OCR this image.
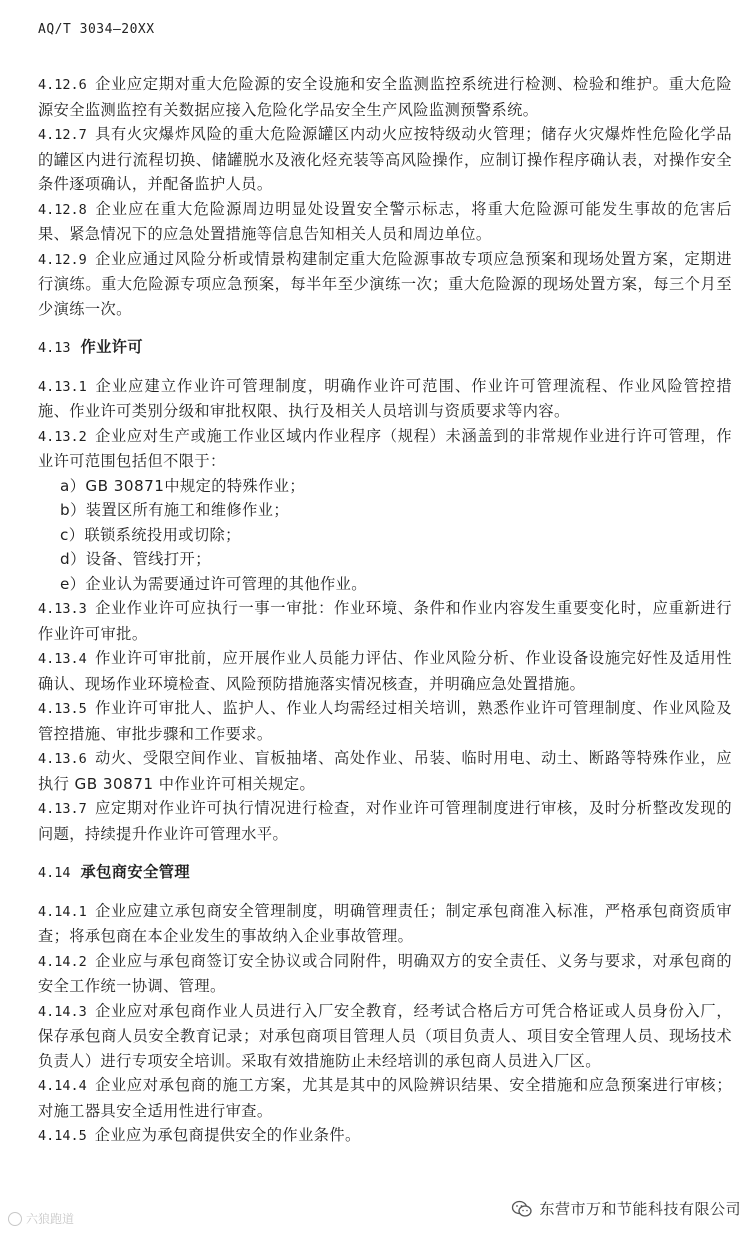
AQ/T 3034—20XX

4.12.6 企业应定期对重大危险源的安全设施和安全监测监控系统进行检测、检验和维护。重大危险源安全监测监控有关数据应接入危险化学品安全生产风险监测预警系统。

4.12.7 具有火灾爆炸风险的重大危险源罐区内动火应按特级动火管理；储存火灾爆炸性危险化学品的罐区内进行流程切换、储罐脱水及液化烃充装等高风险操作，应制订操作程序确认表，对操作安全条件逐项确认，并配备监护人员。

4.12.8 企业应在重大危险源周边明显处设置安全警示标志，将重大危险源可能发生事故的危害后果、紧急情况下的应急处置措施等信息告知相关人员和周边单位。

4.12.9 企业应通过风险分析或情景构建制定重大危险源事故专项应急预案和现场处置方案，定期进行演练。重大危险源专项应急预案，每半年至少演练一次；重大危险源的现场处置方案，每三个月至少演练一次。

4.13 作业许可

4.13.1 企业应建立作业许可管理制度，明确作业许可范围、作业许可管理流程、作业风险管控措施、作业许可类别分级和审批权限、执行及相关人员培训与资质要求等内容。

4.13.2 企业应对生产或施工作业区域内作业程序（规程）未涵盖到的非常规作业进行许可管理，作业许可范围包括但不限于：

a）GB 30871中规定的特殊作业；

b）装置区所有施工和维修作业；

c）联锁系统投用或切除；

d）设备、管线打开；

e）企业认为需要通过许可管理的其他作业。

4.13.3 企业作业许可应执行一事一审批：作业环境、条件和作业内容发生重要变化时，应重新进行作业许可审批。

4.13.4 作业许可审批前，应开展作业人员能力评估、作业风险分析、作业设备设施完好性及适用性确认、现场作业环境检查、风险预防措施落实情况核查，并明确应急处置措施。

4.13.5 作业许可审批人、监护人、作业人均需经过相关培训，熟悉作业许可管理制度、作业风险及管控措施、审批步骤和工作要求。

4.13.6 动火、受限空间作业、盲板抽堵、高处作业、吊装、临时用电、动土、断路等特殊作业，应执行 GB 30871 中作业许可相关规定。

4.13.7 应定期对作业许可执行情况进行检查，对作业许可管理制度进行审核，及时分析整改发现的问题，持续提升作业许可管理水平。

4.14 承包商安全管理

4.14.1 企业应建立承包商安全管理制度，明确管理责任；制定承包商准入标准，严格承包商资质审查；将承包商在本企业发生的事故纳入企业事故管理。

4.14.2 企业应与承包商签订安全协议或合同附件，明确双方的安全责任、义务与要求，对承包商的安全工作统一协调、管理。

4.14.3 企业应对承包商作业人员进行入厂安全教育，经考试合格后方可凭合格证或人员身份入厂，保存承包商人员安全教育记录；对承包商项目管理人员（项目负责人、项目安全管理人员、现场技术负责人）进行专项安全培训。采取有效措施防止未经培训的承包商人员进入厂区。

4.14.4 企业应对承包商的施工方案，尤其是其中的风险辨识结果、安全措施和应急预案进行审核；对施工器具安全适用性进行审查。

4.14.5 企业应为承包商提供安全的作业条件。

六狼跑道
东营市万和节能科技有限公司
